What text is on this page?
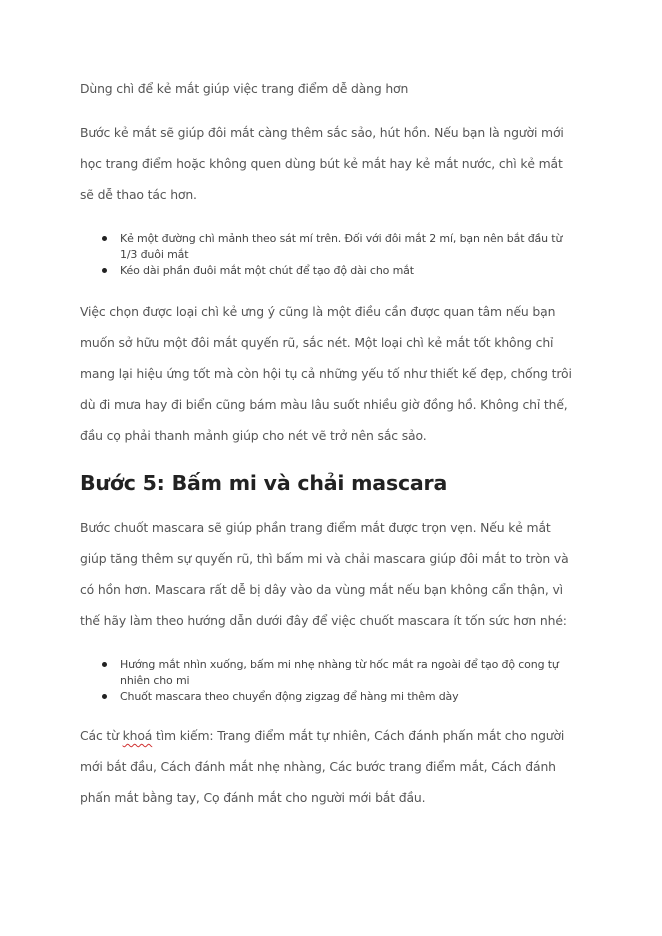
Dùng chì để kẻ mắt giúp việc trang điểm dễ dàng hơn

Bước kẻ mắt sẽ giúp đôi mắt càng thêm sắc sảo, hút hồn. Nếu bạn là người mới học trang điểm hoặc không quen dùng bút kẻ mắt hay kẻ mắt nước, chì kẻ mắt sẽ dễ thao tác hơn.

Kẻ một đường chì mảnh theo sát mí trên. Đối với đôi mắt 2 mí, bạn nên bắt đầu từ 1/3 đuôi mắt
Kéo dài phần đuôi mắt một chút để tạo độ dài cho mắt

Việc chọn được loại chì kẻ ưng ý cũng là một điều cần được quan tâm nếu bạn muốn sở hữu một đôi mắt quyến rũ, sắc nét. Một loại chì kẻ mắt tốt không chỉ mang lại hiệu ứng tốt mà còn hội tụ cả những yếu tố như thiết kế đẹp, chống trôi dù đi mưa hay đi biển cũng bám màu lâu suốt nhiều giờ đồng hồ. Không chỉ thế, đầu cọ phải thanh mảnh giúp cho nét vẽ trở nên sắc sảo.

Bước 5: Bấm mi và chải mascara

Bước chuốt mascara sẽ giúp phần trang điểm mắt được trọn vẹn. Nếu kẻ mắt giúp tăng thêm sự quyến rũ, thì bấm mi và chải mascara giúp đôi mắt to tròn và có hồn hơn. Mascara rất dễ bị dây vào da vùng mắt nếu bạn không cẩn thận, vì thế hãy làm theo hướng dẫn dưới đây để việc chuốt mascara ít tốn sức hơn nhé:

Hướng mắt nhìn xuống, bấm mi nhẹ nhàng từ hốc mắt ra ngoài để tạo độ cong tự nhiên cho mi
Chuốt mascara theo chuyển động zigzag để hàng mi thêm dày

Các từ khoá tìm kiếm: Trang điểm mắt tự nhiên, Cách đánh phấn mắt cho người mới bắt đầu, Cách đánh mắt nhẹ nhàng, Các bước trang điểm mắt, Cách đánh phấn mắt bằng tay, Cọ đánh mắt cho người mới bắt đầu.
